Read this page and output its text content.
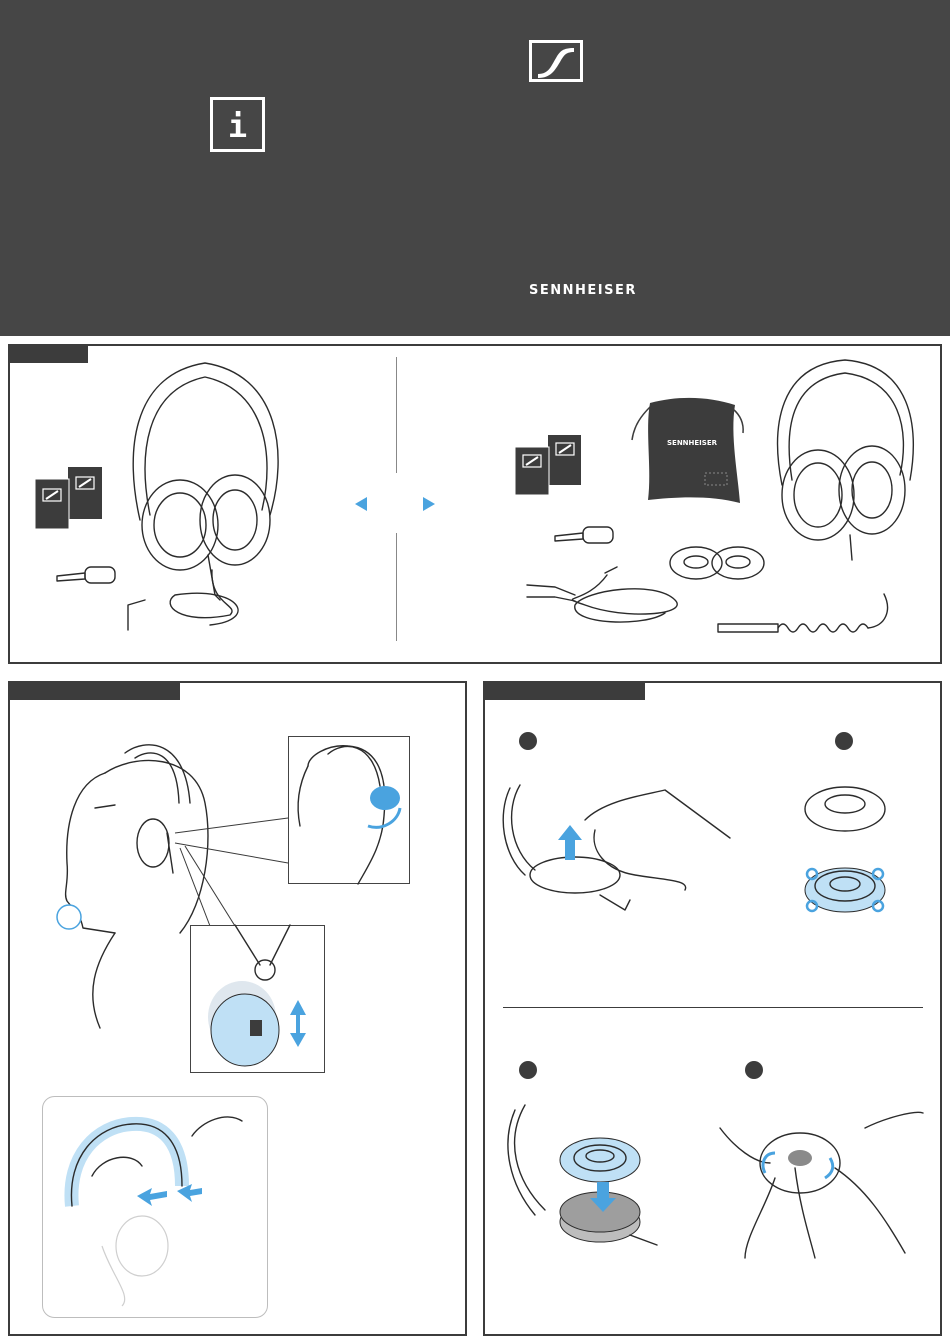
i
SENNHEISER
SENNHEISER
